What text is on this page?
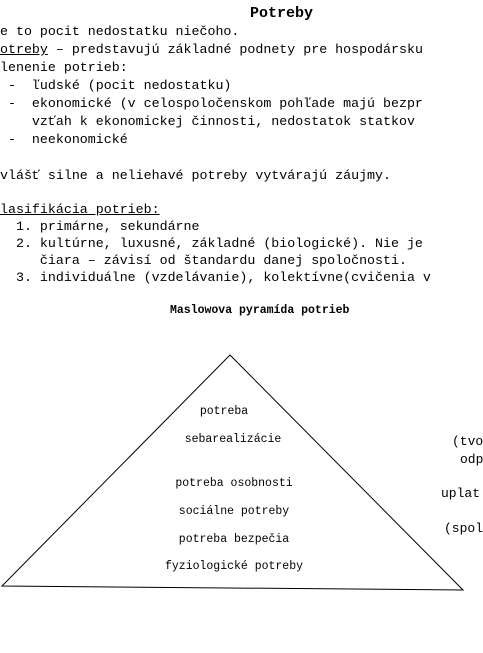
Potreby
e to pocit nedostatku niečoho.
otreby – predstavujú základné podnety pre hospodársku
lenenie potrieb:
-  ľudské (pocit nedostatku)
-  ekonomické (v celospoločenskom pohľade majú bezpr
vzťah k ekonomickej činnosti, nedostatok statkov
-  neekonomické
vlášť silne a neliehavé potreby vytvárajú záujmy.
lasifikácia potrieb:
1. primárne, sekundárne
2. kultúrne, luxusné, základné (biologické). Nie je
čiara – závisí od štandardu danej spoločnosti.
3. individuálne (vzdelávanie), kolektívne(cvičenia v
Maslowova pyramída potrieb
potreba
sebarealizácie
potreba osobnosti
sociálne potreby
potreba bezpečia
fyziologické potreby
(tvo
odp
uplat
(spol
